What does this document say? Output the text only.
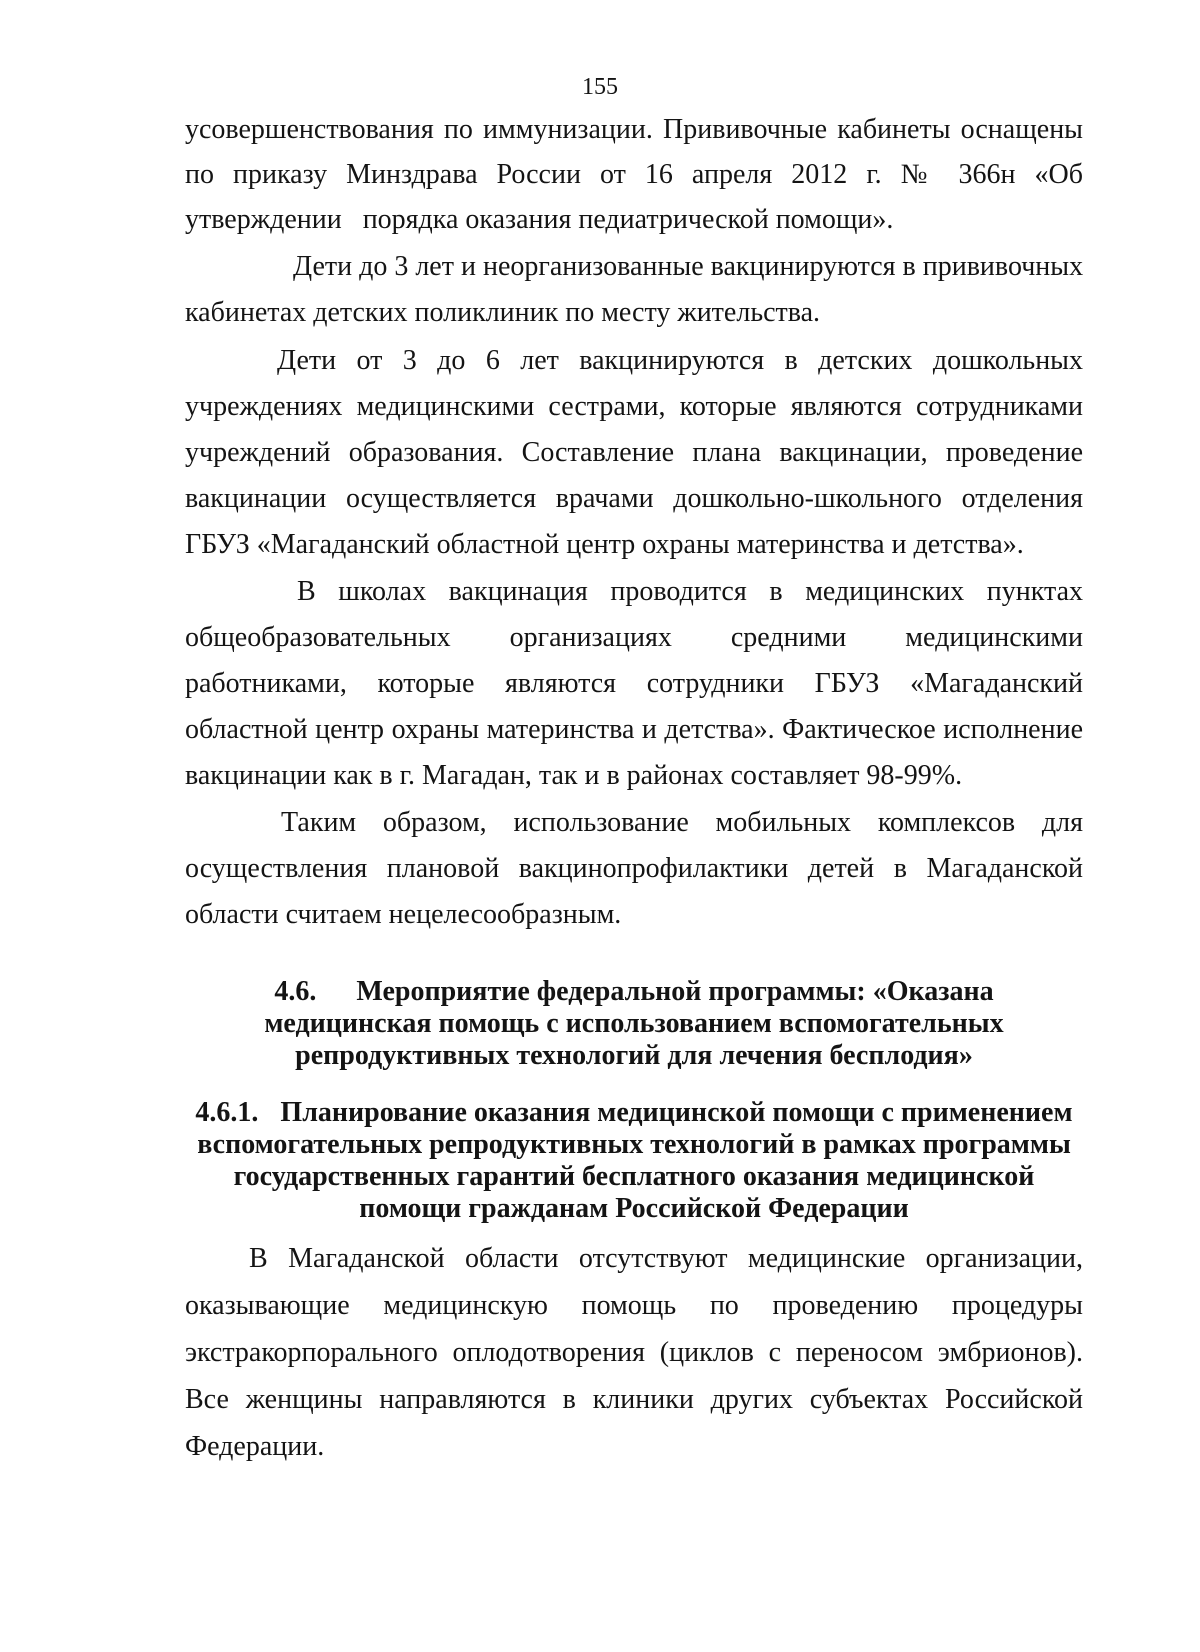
155
усовершенствования по иммунизации. Прививочные кабинеты оснащены
по приказу Минздрава России от 16 апреля 2012 г. № 366н «Об
утверждении   порядка оказания педиатрической помощи».
Дети до 3 лет и неорганизованные вакцинируются в прививочных
кабинетах детских поликлиник по месту жительства.
Дети от 3 до 6 лет вакцинируются в детских дошкольных
учреждениях медицинскими сестрами, которые являются сотрудниками
учреждений образования. Составление плана вакцинации, проведение
вакцинации осуществляется врачами дошкольно-школьного отделения
ГБУЗ «Магаданский областной центр охраны материнства и детства».
В школах вакцинация проводится в медицинских пунктах
общеобразовательных организациях средними медицинскими
работниками, которые являются сотрудники ГБУЗ «Магаданский
областной центр охраны материнства и детства». Фактическое исполнение
вакцинации как в г. Магадан, так и в районах составляет 98-99%.
Таким образом, использование мобильных комплексов для
осуществления плановой вакцинопрофилактики детей в Магаданской
области считаем нецелесообразным.
4.6. Мероприятие федеральной программы: «Оказана
медицинская помощь с использованием вспомогательных
репродуктивных технологий для лечения бесплодия»
4.6.1. Планирование оказания медицинской помощи с применением
вспомогательных репродуктивных технологий в рамках программы
государственных гарантий бесплатного оказания медицинской
помощи гражданам Российской Федерации
В Магаданской области отсутствуют медицинские организации,
оказывающие медицинскую помощь по проведению процедуры
экстракорпорального оплодотворения (циклов с переносом эмбрионов).
Все женщины направляются в клиники других субъектах Российской
Федерации.
